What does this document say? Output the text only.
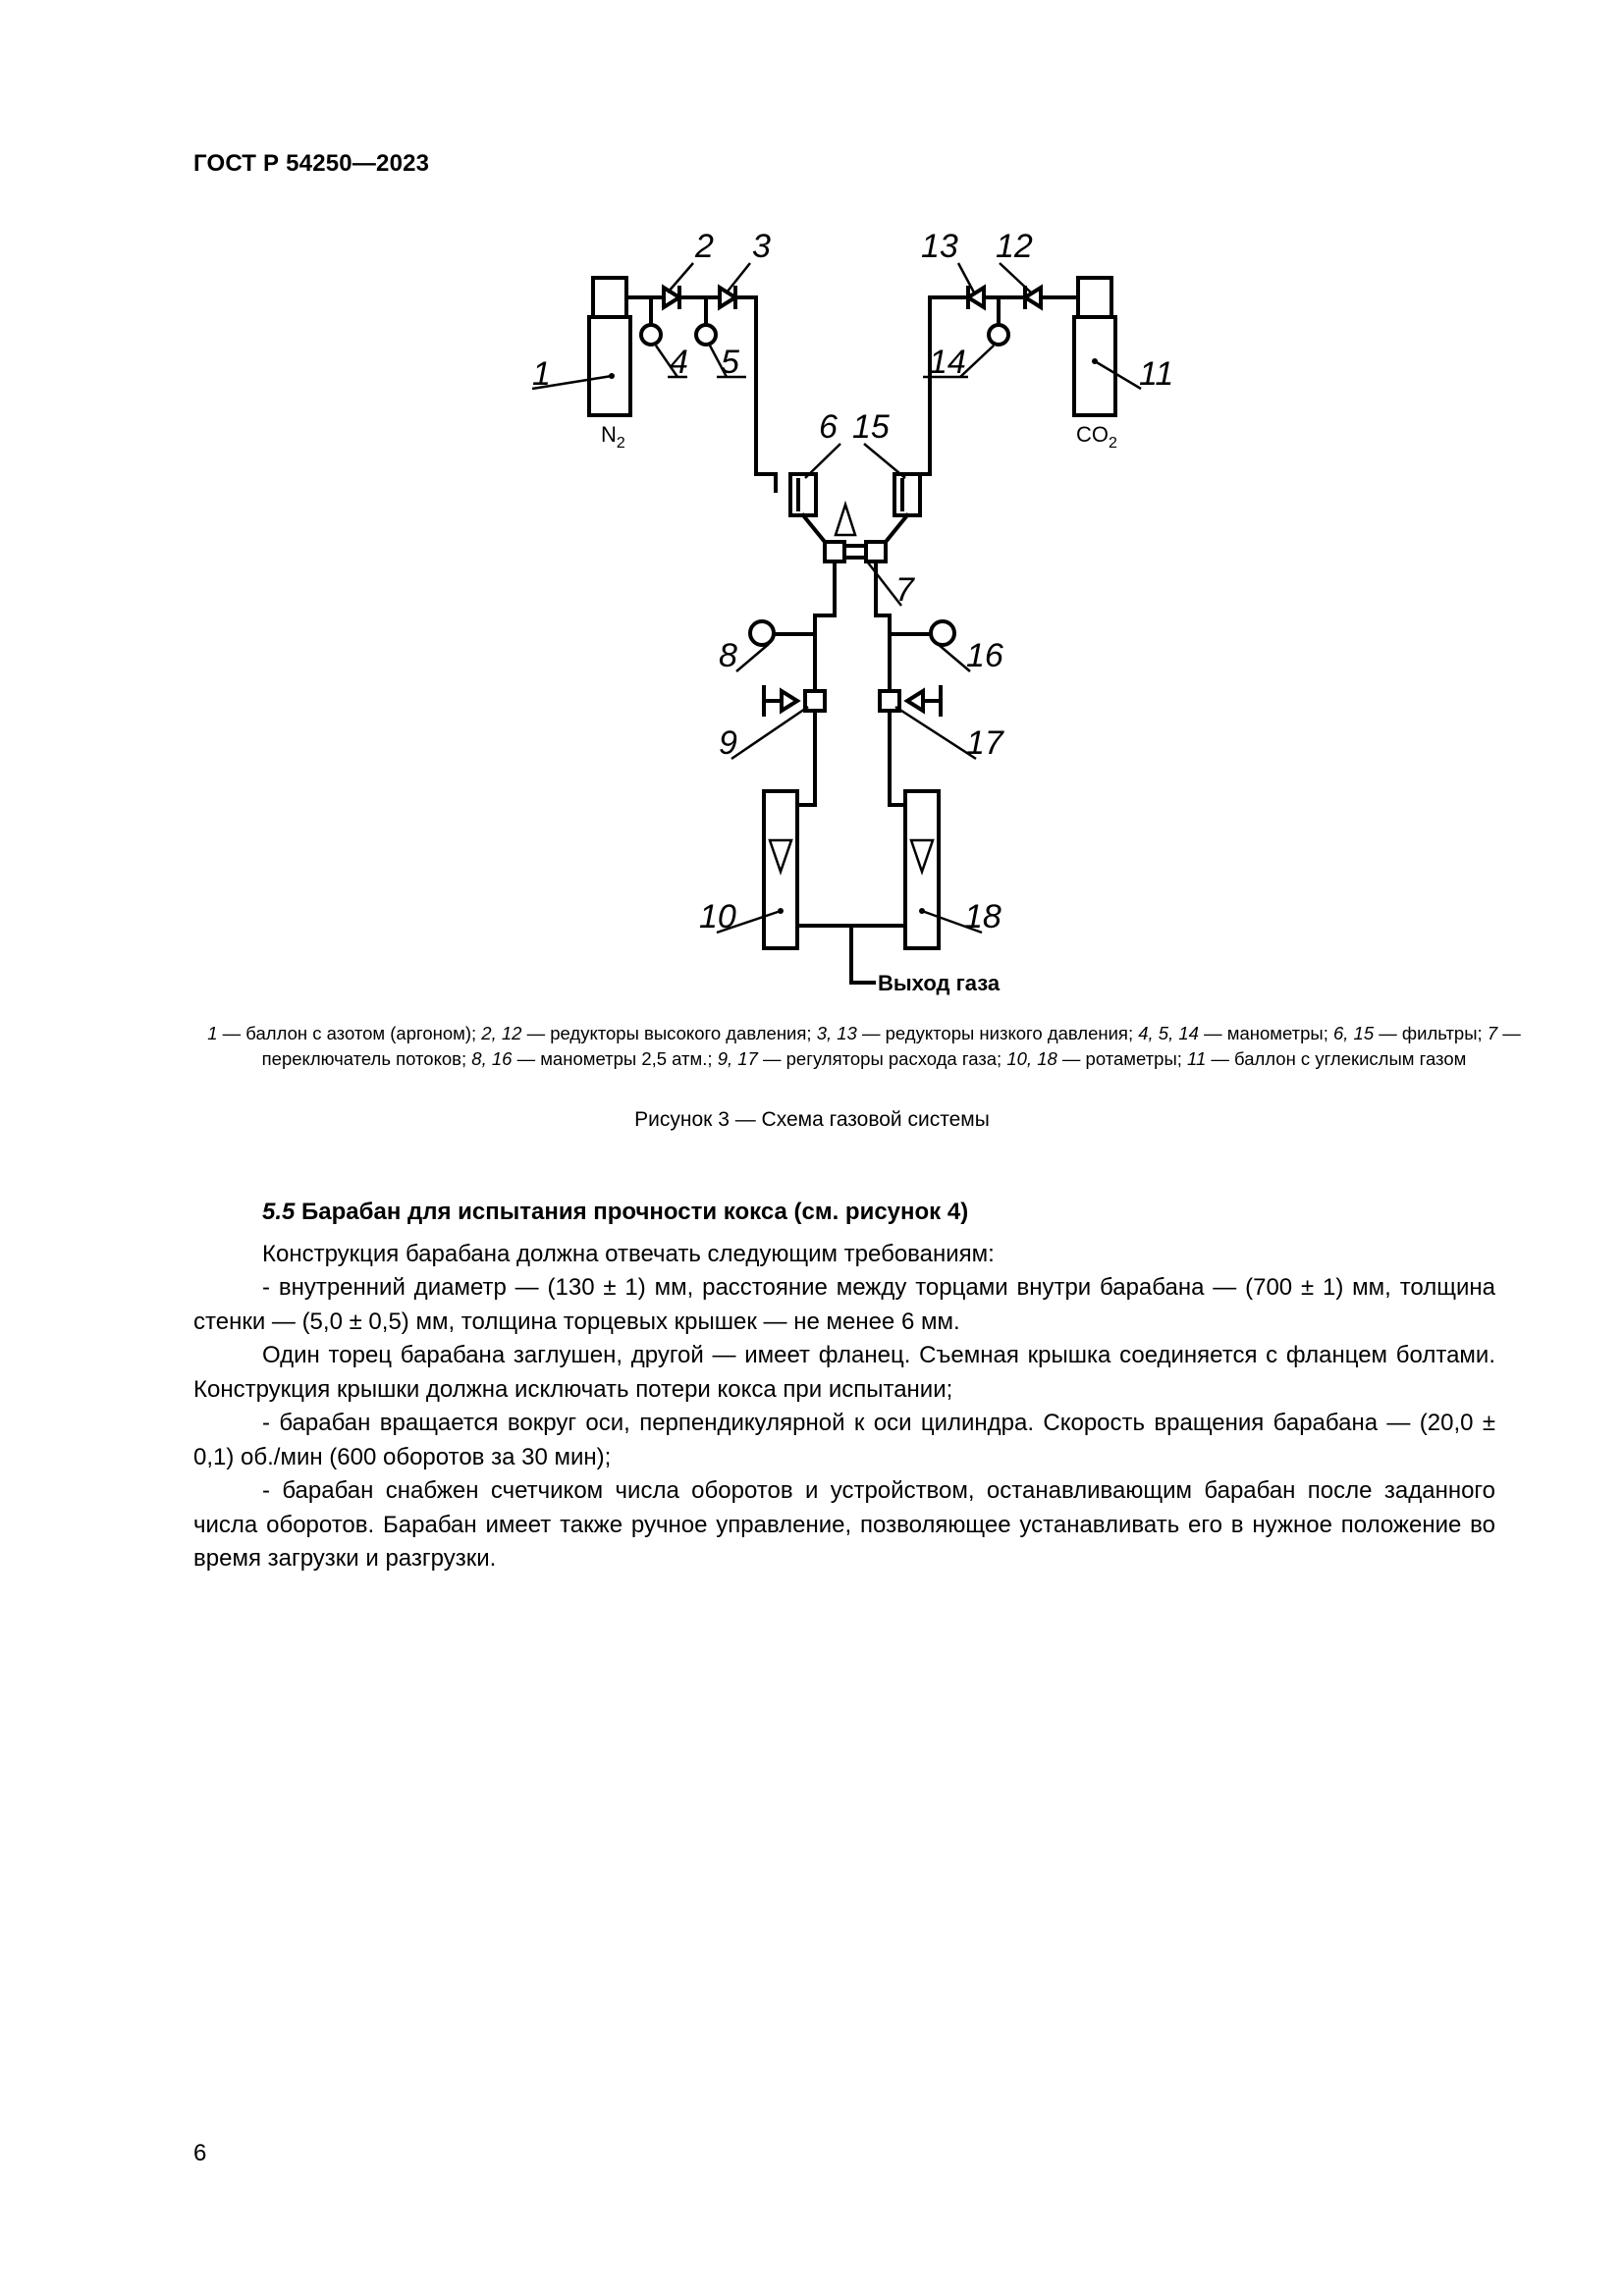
ГОСТ Р 54250—2023
1
2 3
4 5
6
7
8
9
10
11
12
13
14
15
16
17
18
N2	CO2
Выход газа
1 — баллон с азотом (аргоном); 2, 12 — редукторы высокого давления; 3, 13 — редукторы низкого давления; 4, 5, 14 — манометры; 6, 15 — фильтры; 7 — переключатель потоков; 8, 16 — манометры 2,5 атм.; 9, 17 — регуляторы расхода газа; 10, 18 — ротаметры; 11 — баллон с углекислым газом
Рисунок 3 — Схема газовой системы
5.5 Барабан для испытания прочности кокса (см. рисунок 4)

Конструкция барабана должна отвечать следующим требованиям:

- внутренний диаметр — (130 ± 1) мм, расстояние между торцами внутри барабана — (700 ± 1) мм, толщина стенки — (5,0 ± 0,5) мм, толщина торцевых крышек — не менее 6 мм.

Один торец барабана заглушен, другой — имеет фланец. Съемная крышка соединяется с фланцем болтами. Конструкция крышки должна исключать потери кокса при испытании;

- барабан вращается вокруг оси, перпендикулярной к оси цилиндра. Скорость вращения барабана — (20,0 ± 0,1) об./мин (600 оборотов за 30 мин);

- барабан снабжен счетчиком числа оборотов и устройством, останавливающим барабан после заданного числа оборотов. Барабан имеет также ручное управление, позволяющее устанавливать его в нужное положение во время загрузки и разгрузки.

6
